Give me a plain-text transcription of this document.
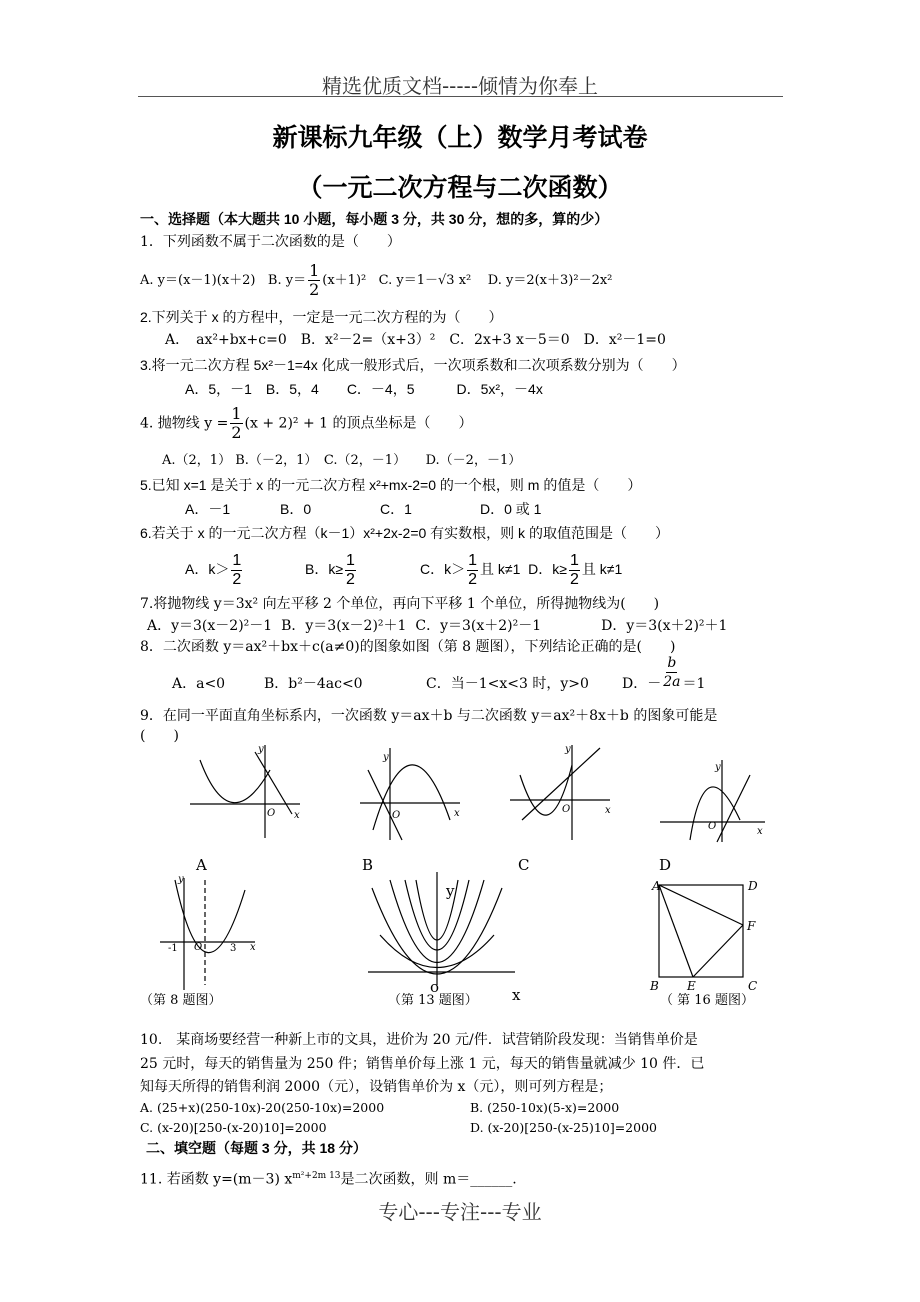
精选优质文档-----倾情为你奉上
新课标九年级（上）数学月考试卷
（一元二次方程与二次函数）
一、选择题（本大题共 10 小题，每小题 3 分，共 30 分，想的多，算的少）
1．下列函数不属于二次函数的是（　　）
A. y＝(x－1)(x＋2) B. $y= \frac{1}{2} (x+1)^2$ C. y＝1－√3 x² D. y＝2(x＋3)²－2x²
2.下列关于 x 的方程中，一定是一元二次方程的为（　　）
A．　ax²+bx+c=0　B．x²－2=（x+3）²　C．2x+3 x－5＝0　D．x²－1=0
3.将一元二次方程 5x²－1=4x 化成一般形式后，一次项系数和二次项系数分别为（　　）
A．5，－1　B．5，4　　C．－4，5　　　D．5x²，－4x
4. 抛物线 $y = \frac{1}{2} (x + 2)^2 + 1$ 的顶点坐标是（　　）
A.（2，1） B.（－2，1）　C.（2，－1）　　D.（－2，－1）
5.已知 x=1 是关于 x 的一元二次方程 x²+mx-2=0 的一个根，则 m 的值是（　　）
A．－1	B．0	C．1	D．0 或 1
6.若关于 x 的一元二次方程（k－1）x²+2x-2=0 有实数根，则 k 的取值范围是（　　）
A．$k> \frac{1}{2}$	B．$k\ge \frac{1}{2}$	C．$k> \frac{1}{2}$ 且 k≠1 D．$k\ge \frac{1}{2}$ 且 k≠1
7.将抛物线 y＝3x² 向左平移 2 个单位，再向下平移 1 个单位，所得抛物线为(　　)
A．y＝3(x－2)²－1 B．y＝3(x－2)²＋1 C．y＝3(x＋2)²－1	D．y＝3(x＋2)²＋1
8．二次函数 y＝ax²＋bx＋c(a≠0)的图象如图（第 8 题图），下列结论正确的是(　　)
A．a<0	B．b²－4ac<0	C．当－1<x<3 时，y>0 D．－ $\frac{b}{2a} =1$
9．在同一平面直角坐标系内，一次函数 y＝ax＋b 与二次函数 y＝ax²＋8x＋b 的图象可能是
(　　)
y
O x
y
O	x
y
O	x
y
O	x
y
O	x
-1	3
A	D
F
B E	C
y
x
o
A	B	C	D
（第 8 题图）	（第 13 题图）	（ 第 16 题图）
10.　某商场要经营一种新上市的文具，进价为 20 元/件．试营销阶段发现：当销售单价是
25 元时，每天的销售量为 250 件；销售单价每上涨 1 元，每天的销售量就减少 10 件．已
知每天所得的销售利润 2000（元），设销售单价为 x（元），则可列方程是；
A. (25+x)(250-10x)-20(250-10x)=2000	B. (250-10x)(5-x)=2000
C. (x-20)[250-(x-20)10]=2000	D. (x-20)[250-(x-25)10]=2000
二、填空题（每题 3 分，共 18 分）
11. 若函数 y=(m－3) $x^{m^2+2m 13}$是二次函数，则 m＝______.
专心---专注---专业
